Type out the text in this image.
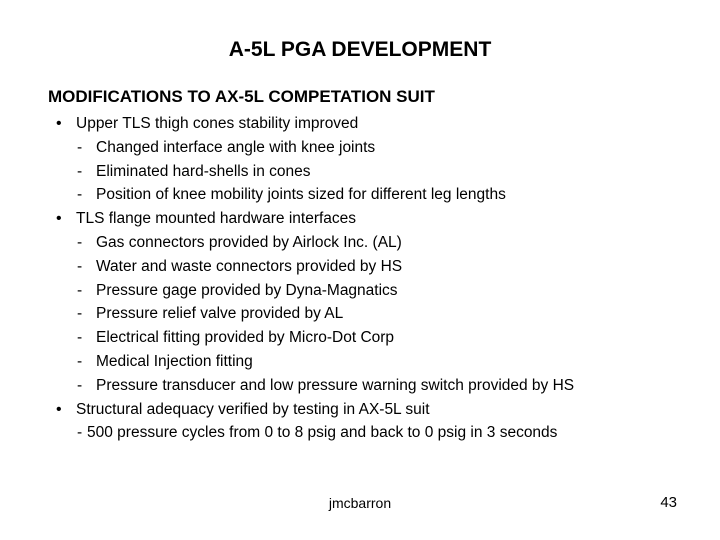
A-5L PGA DEVELOPMENT
MODIFICATIONS TO AX-5L COMPETATION SUIT
• Upper TLS thigh cones stability improved
- Changed interface angle with knee joints
- Eliminated hard-shells in cones
- Position of knee mobility joints sized for different leg lengths
• TLS flange mounted hardware interfaces
- Gas connectors provided by Airlock Inc. (AL)
- Water and waste connectors provided by HS
- Pressure gage provided by Dyna-Magnatics
- Pressure relief valve provided by AL
- Electrical fitting provided by Micro-Dot Corp
- Medical Injection fitting
- Pressure transducer and low pressure warning switch provided by HS
• Structural adequacy verified by testing in AX-5L suit
- 500 pressure cycles from 0 to 8 psig and back to 0 psig in 3 seconds
jmcbarron	43
